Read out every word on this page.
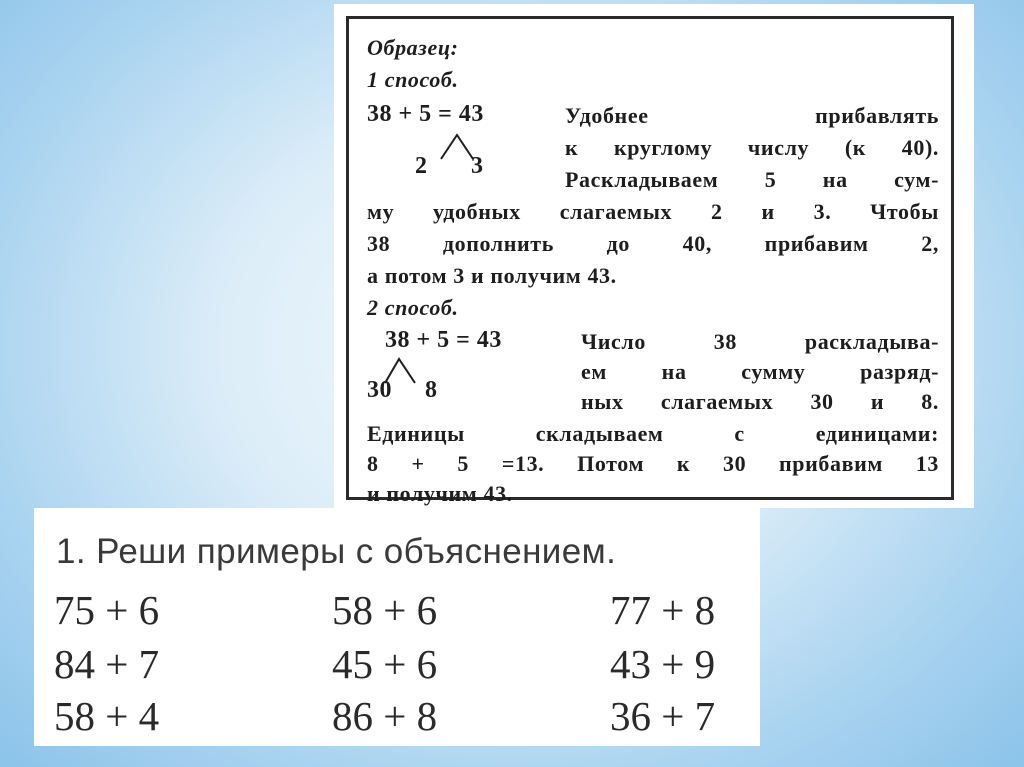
Образец:
1 способ.
38 + 5 = 43
2 3
Удобнее прибавлять
к круглому числу (к 40).
Раскладываем 5 на сум-
му удобных слагаемых 2 и 3. Чтобы
38 дополнить до 40, прибавим 2,
а потом 3 и получим 43.
2 способ.
38 + 5 = 43
30 8
Число 38 раскладыва-
ем на сумму разряд-
ных слагаемых 30 и 8.
Единицы складываем с единицами:
8 + 5 =13. Потом к 30 прибавим 13
и получим 43.
1. Реши примеры с объяснением.
75 + 6	58 + 6	77 + 8
84 + 7	45 + 6	43 + 9
58 + 4	86 + 8	36 + 7
